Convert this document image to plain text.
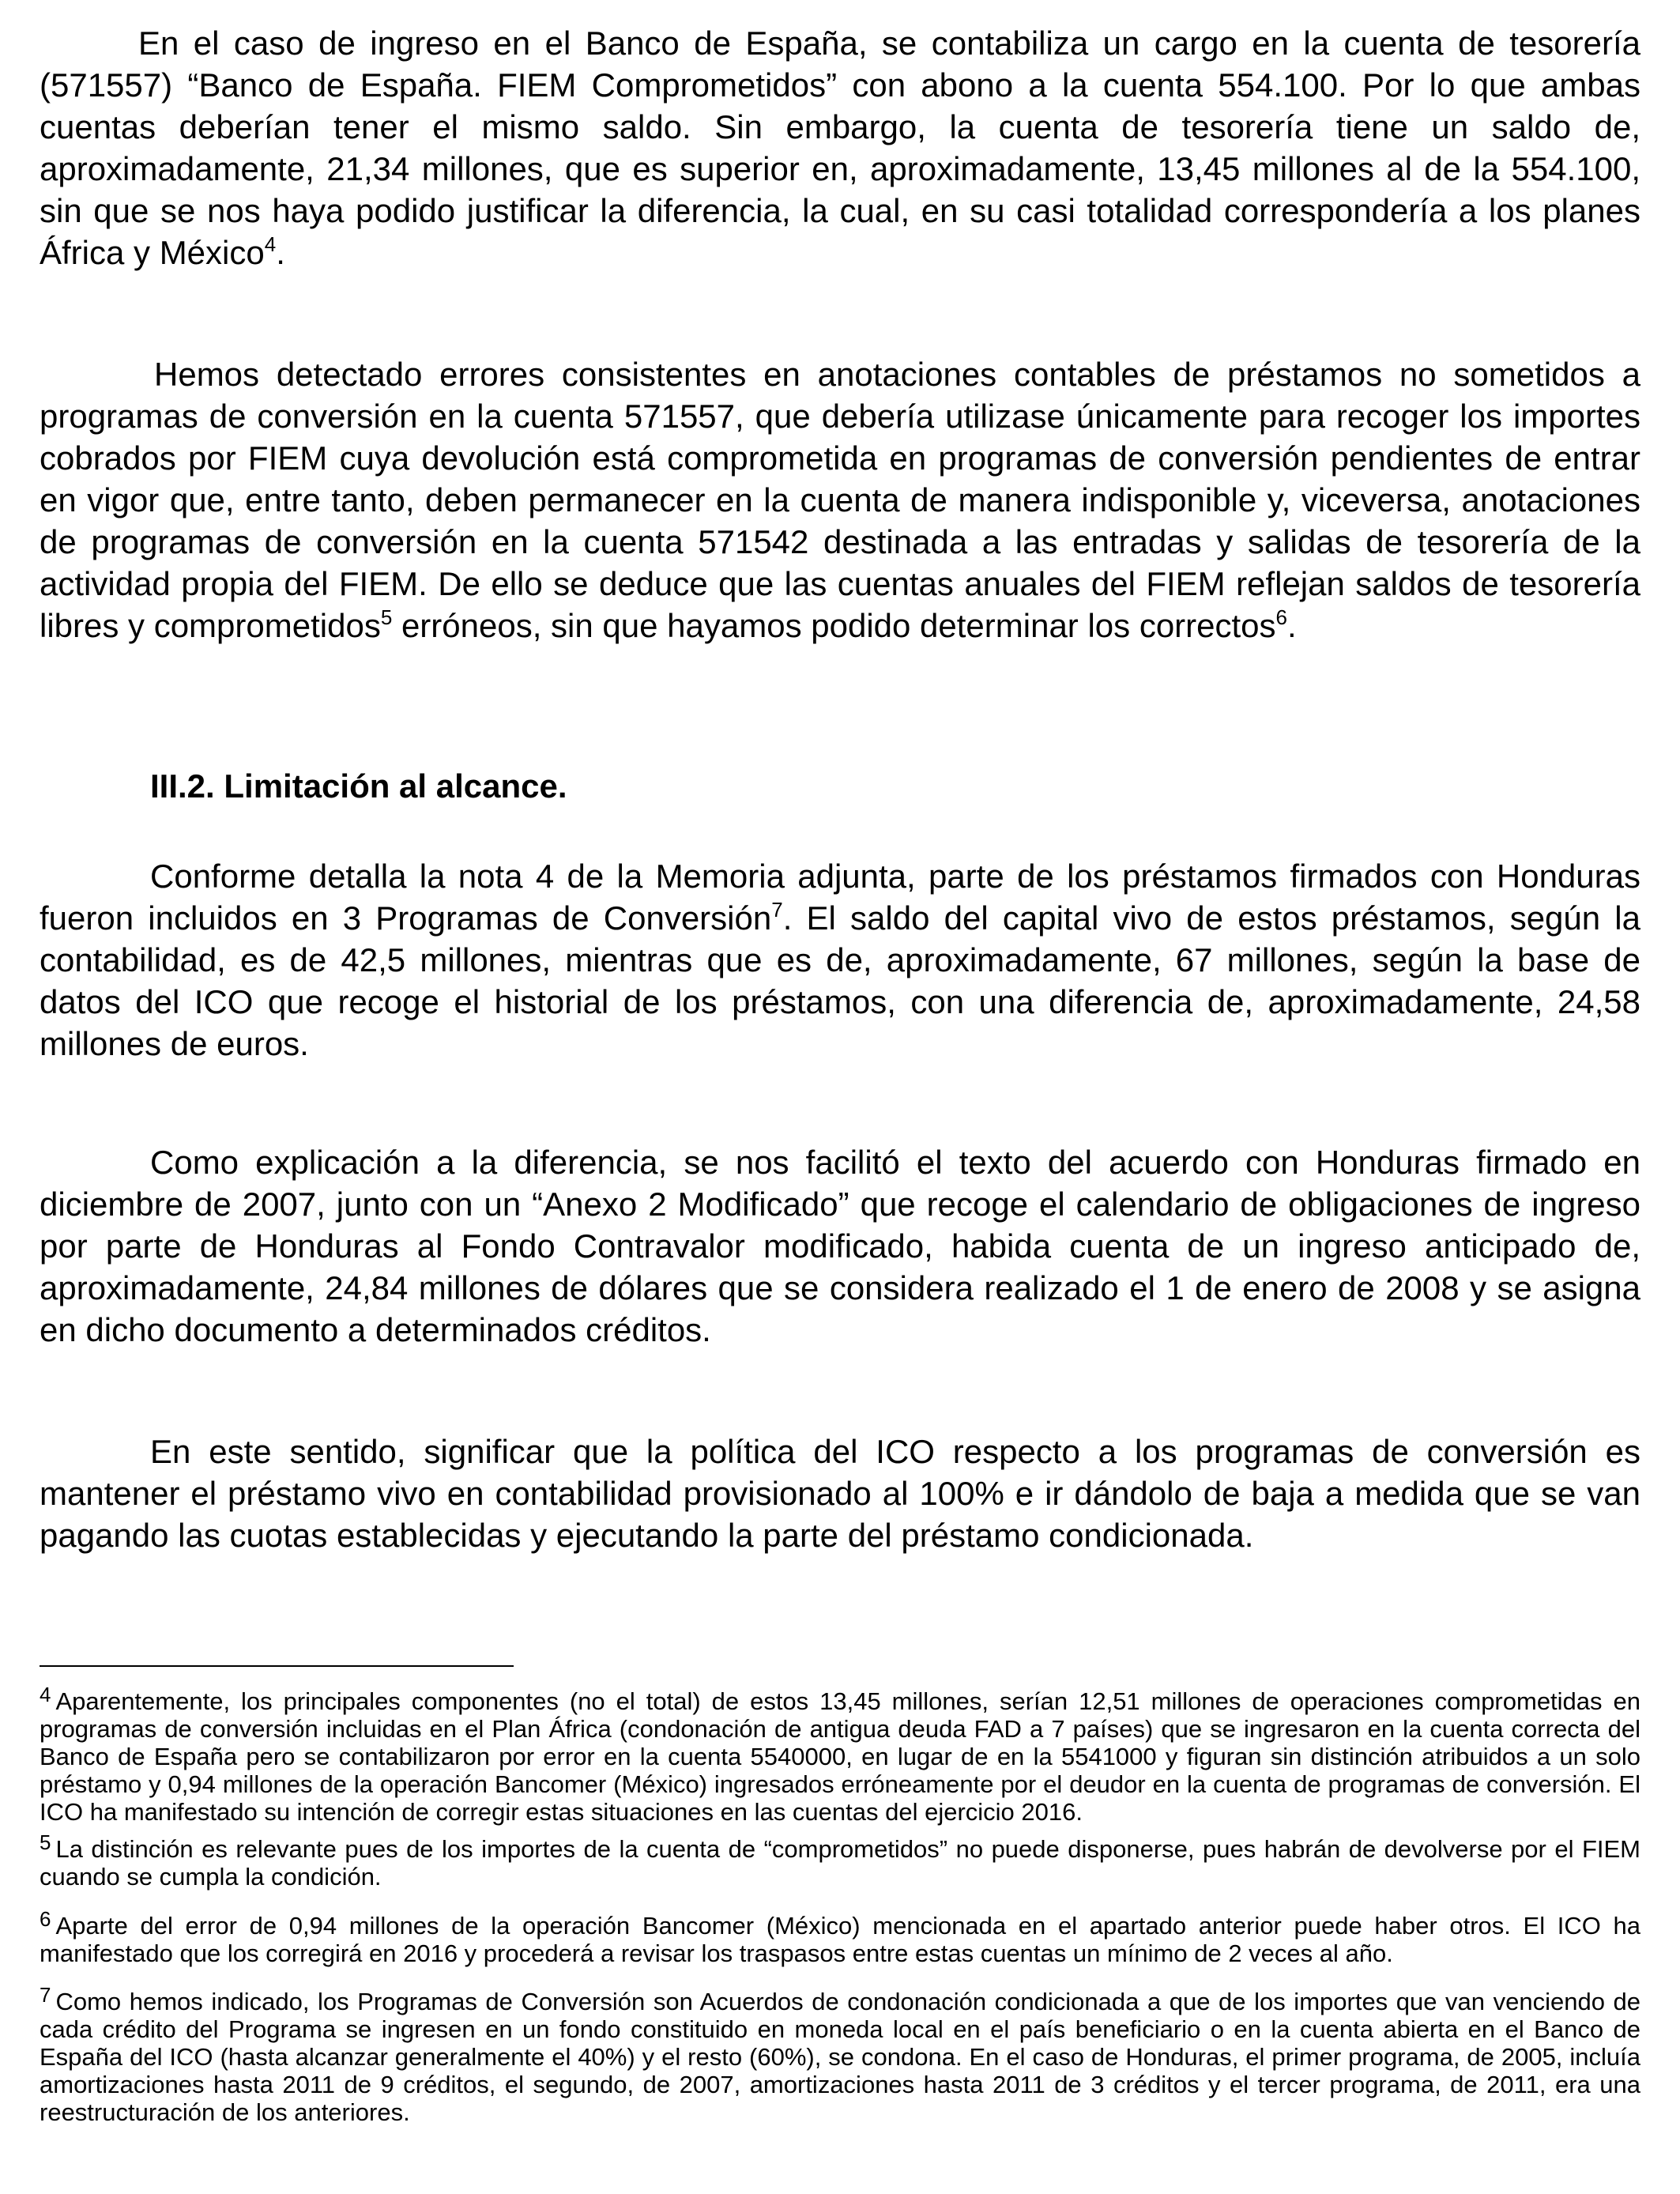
En el caso de ingreso en el Banco de España, se contabiliza un cargo en la cuenta de tesorería (571557) “Banco de España. FIEM Comprometidos” con abono a la cuenta 554.100. Por lo que ambas cuentas deberían tener el mismo saldo. Sin embargo, la cuenta de tesorería tiene un saldo de, aproximadamente, 21,34 millones, que es superior en, aproximadamente, 13,45 millones al de la 554.100, sin que se nos haya podido justificar la diferencia, la cual, en su casi totalidad correspondería a los planes África y México$^4$.

Hemos detectado errores consistentes en anotaciones contables de préstamos no sometidos a programas de conversión en la cuenta 571557, que debería utilizase únicamente para recoger los importes cobrados por FIEM cuya devolución está comprometida en programas de conversión pendientes de entrar en vigor que, entre tanto, deben permanecer en la cuenta de manera indisponible y, viceversa, anotaciones de programas de conversión en la cuenta 571542 destinada a las entradas y salidas de tesorería de la actividad propia del FIEM. De ello se deduce que las cuentas anuales del FIEM reflejan saldos de tesorería libres y comprometidos$^5$ erróneos, sin que hayamos podido determinar los correctos$^6$.

III.2. Limitación al alcance.

Conforme detalla la nota 4 de la Memoria adjunta, parte de los préstamos firmados con Honduras fueron incluidos en 3 Programas de Conversión$^7$. El saldo del capital vivo de estos préstamos, según la contabilidad, es de 42,5 millones, mientras que es de, aproximadamente, 67 millones, según la base de datos del ICO que recoge el historial de los préstamos, con una diferencia de, aproximadamente, 24,58 millones de euros.

Como explicación a la diferencia, se nos facilitó el texto del acuerdo con Honduras firmado en diciembre de 2007, junto con un “Anexo 2 Modificado” que recoge el calendario de obligaciones de ingreso por parte de Honduras al Fondo Contravalor modificado, habida cuenta de un ingreso anticipado de, aproximadamente, 24,84 millones de dólares que se considera realizado el 1 de enero de 2008 y se asigna en dicho documento a determinados créditos.

En este sentido, significar que la política del ICO respecto a los programas de conversión es mantener el préstamo vivo en contabilidad provisionado al 100% e ir dándolo de baja a medida que se van pagando las cuotas establecidas y ejecutando la parte del préstamo condicionada.

$^4$ Aparentemente, los principales componentes (no el total) de estos 13,45 millones, serían 12,51 millones de operaciones comprometidas en programas de conversión incluidas en el Plan África (condonación de antigua deuda FAD a 7 países) que se ingresaron en la cuenta correcta del Banco de España pero se contabilizaron por error en la cuenta 5540000, en lugar de en la 5541000 y figuran sin distinción atribuidos a un solo préstamo y 0,94 millones de la operación Bancomer (México) ingresados erróneamente por el deudor en la cuenta de programas de conversión. El ICO ha manifestado su intención de corregir estas situaciones en las cuentas del ejercicio 2016.

$^5$ La distinción es relevante pues de los importes de la cuenta de “comprometidos” no puede disponerse, pues habrán de devolverse por el FIEM cuando se cumpla la condición.

$^6$ Aparte del error de 0,94 millones de la operación Bancomer (México) mencionada en el apartado anterior puede haber otros. El ICO ha manifestado que los corregirá en 2016 y procederá a revisar los traspasos entre estas cuentas un mínimo de 2 veces al año.

$^7$ Como hemos indicado, los Programas de Conversión son Acuerdos de condonación condicionada a que de los importes que van venciendo de cada crédito del Programa se ingresen en un fondo constituido en moneda local en el país beneficiario o en la cuenta abierta en el Banco de España del ICO (hasta alcanzar generalmente el 40%) y el resto (60%), se condona. En el caso de Honduras, el primer programa, de 2005, incluía amortizaciones hasta 2011 de 9 créditos, el segundo, de 2007, amortizaciones hasta 2011 de 3 créditos y el tercer programa, de 2011, era una reestructuración de los anteriores.
